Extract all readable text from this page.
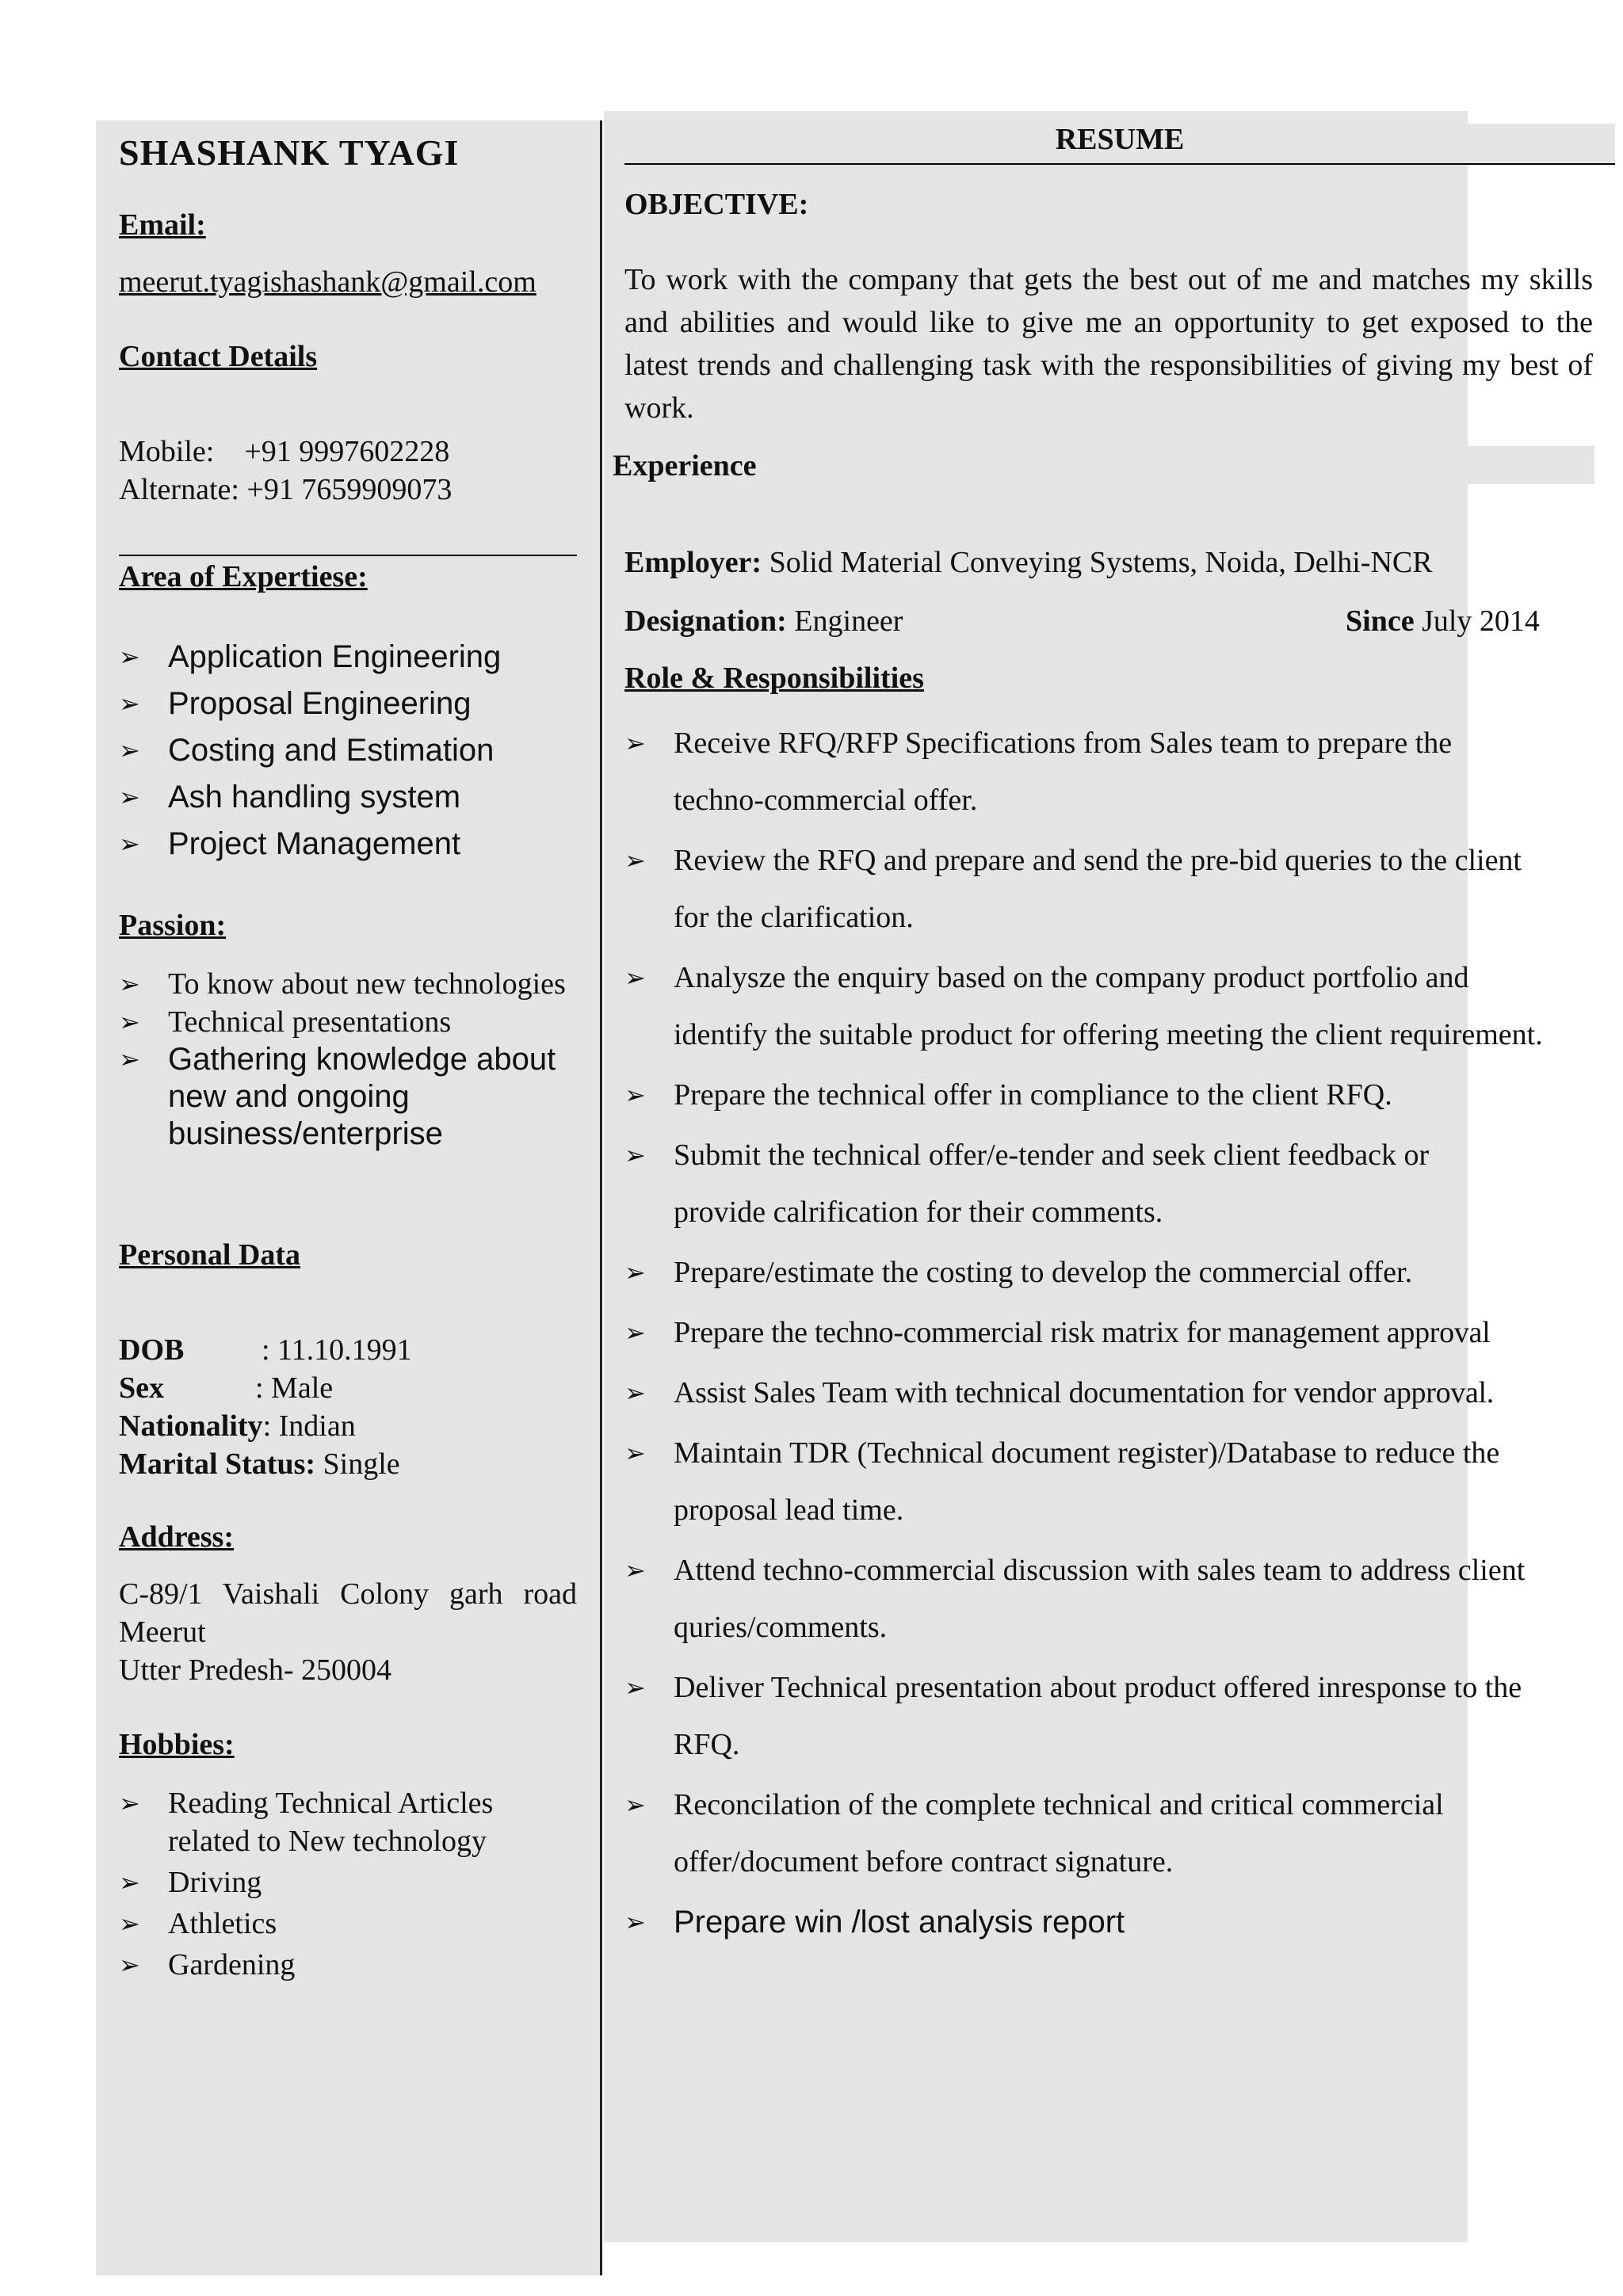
SHASHANK TYAGI
Email:
meerut.tyagishashank@gmail.com
Contact Details
Mobile:    +91 9997602228
Alternate: +91 7659909073
Area of Expertiese:
➢ Application Engineering
➢ Proposal Engineering
➢ Costing and Estimation
➢ Ash handling system
➢ Project Management
Passion:
➢ To know about new technologies
➢ Technical presentations
➢ Gathering knowledge about new and ongoing business/enterprise
Personal Data
DOB	: 11.10.1991
Sex	: Male
Nationality: Indian
Marital Status: Single
Address:
C-89/1 Vaishali Colony garh road
Meerut
Utter Predesh- 250004
Hobbies:
➢ Reading Technical Articles related to New technology
➢ Driving
➢ Athletics
➢ Gardening
RESUME
OBJECTIVE:
To work with the company that gets the best out of me and matches my skills and abilities and would like to give me an opportunity to get exposed to the latest trends and challenging task with the responsibilities of giving my best of work.
Experience
Employer: Solid Material Conveying Systems, Noida, Delhi-NCR
Designation: Engineer	Since July 2014
Role & Responsibilities
➢ Receive RFQ/RFP Specifications from Sales team to prepare the techno-commercial offer.
➢ Review the RFQ and prepare and send the pre-bid queries to the client for the clarification.
➢ Analysze the enquiry based on the company product portfolio and identify the suitable product for offering meeting the client requirement.
➢ Prepare the technical offer in compliance to the client RFQ.
➢ Submit the technical offer/e-tender and seek client feedback or provide calrification for their comments.
➢ Prepare/estimate the costing to develop the commercial offer.
➢ Prepare the techno-commercial risk matrix for management approval
➢ Assist Sales Team with technical documentation for vendor approval.
➢ Maintain TDR (Technical document register)/Database to reduce the proposal lead time.
➢ Attend techno-commercial discussion with sales team to address client quries/comments.
➢ Deliver Technical presentation about product offered inresponse to the RFQ.
➢ Reconcilation of the complete technical and critical commercial offer/document before contract signature.
➢ Prepare win /lost analysis report
